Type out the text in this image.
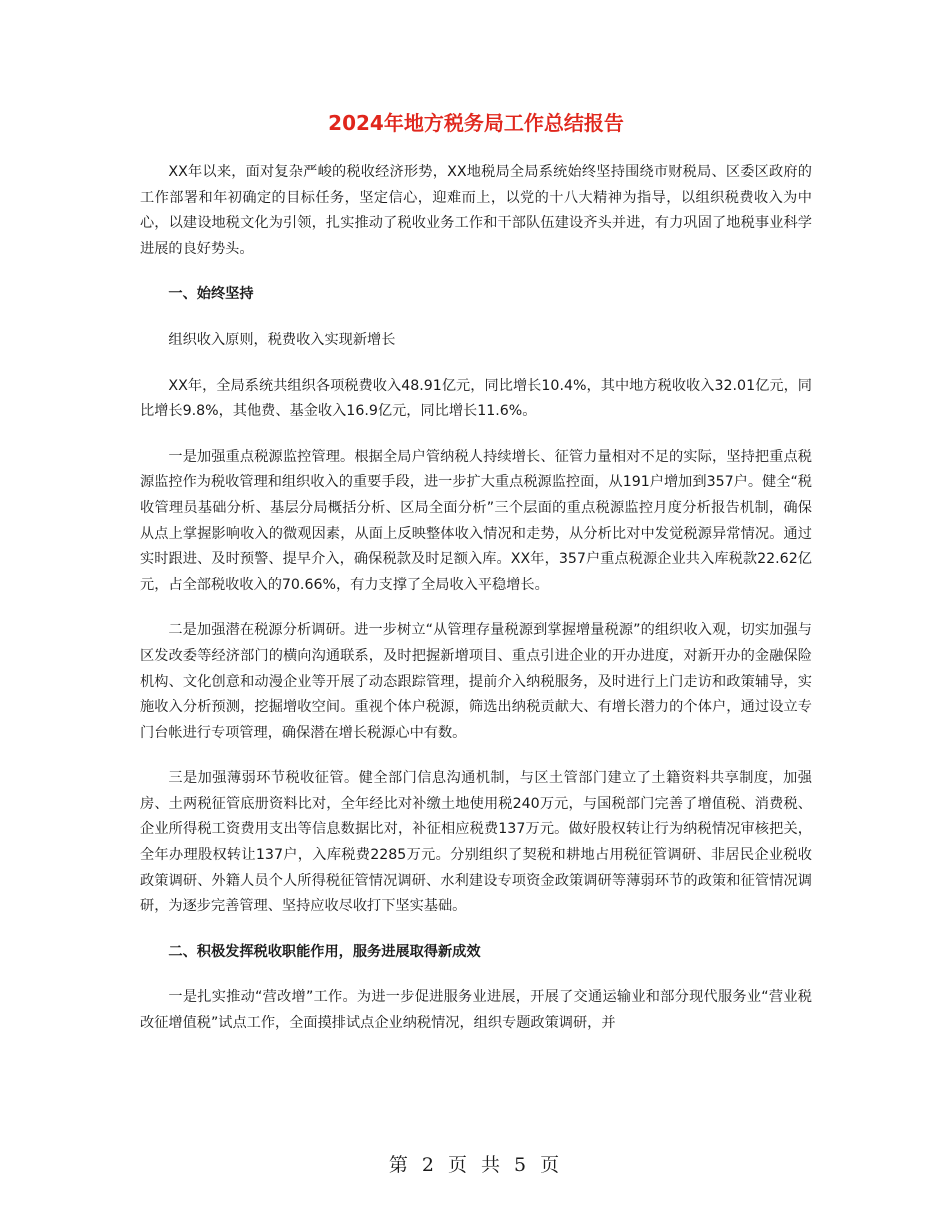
2024年地方税务局工作总结报告

XX年以来，面对复杂严峻的税收经济形势，XX地税局全局系统始终坚持围绕市财税局、区委区政府的工作部署和年初确定的目标任务，坚定信心，迎难而上，以党的十八大精神为指导，以组织税费收入为中心，以建设地税文化为引领，扎实推动了税收业务工作和干部队伍建设齐头并进，有力巩固了地税事业科学进展的良好势头。

一、始终坚持

组织收入原则，税费收入实现新增长

XX年，全局系统共组织各项税费收入48.91亿元，同比增长10.4%，其中地方税收收入32.01亿元，同比增长9.8%，其他费、基金收入16.9亿元，同比增长11.6%。

一是加强重点税源监控管理。根据全局户管纳税人持续增长、征管力量相对不足的实际，坚持把重点税源监控作为税收管理和组织收入的重要手段，进一步扩大重点税源监控面，从191户增加到357户。健全“税收管理员基础分析、基层分局概括分析、区局全面分析”三个层面的重点税源监控月度分析报告机制，确保从点上掌握影响收入的微观因素，从面上反映整体收入情况和走势，从分析比对中发觉税源异常情况。通过实时跟进、及时预警、提早介入，确保税款及时足额入库。XX年，357户重点税源企业共入库税款22.62亿元，占全部税收收入的70.66%，有力支撑了全局收入平稳增长。

二是加强潜在税源分析调研。进一步树立“从管理存量税源到掌握增量税源”的组织收入观，切实加强与区发改委等经济部门的横向沟通联系，及时把握新增项目、重点引进企业的开办进度，对新开办的金融保险机构、文化创意和动漫企业等开展了动态跟踪管理，提前介入纳税服务，及时进行上门走访和政策辅导，实施收入分析预测，挖掘增收空间。重视个体户税源，筛选出纳税贡献大、有增长潜力的个体户，通过设立专门台帐进行专项管理，确保潜在增长税源心中有数。

三是加强薄弱环节税收征管。健全部门信息沟通机制，与区土管部门建立了土籍资料共享制度，加强房、土两税征管底册资料比对，全年经比对补缴土地使用税240万元，与国税部门完善了增值税、消费税、企业所得税工资费用支出等信息数据比对，补征相应税费137万元。做好股权转让行为纳税情况审核把关，全年办理股权转让137户，入库税费2285万元。分别组织了契税和耕地占用税征管调研、非居民企业税收政策调研、外籍人员个人所得税征管情况调研、水利建设专项资金政策调研等薄弱环节的政策和征管情况调研，为逐步完善管理、坚持应收尽收打下坚实基础。

二、积极发挥税收职能作用，服务进展取得新成效

一是扎实推动“营改增”工作。为进一步促进服务业进展，开展了交通运输业和部分现代服务业“营业税改征增值税”试点工作，全面摸排试点企业纳税情况，组织专题政策调研，并

第 2 页 共 5 页
